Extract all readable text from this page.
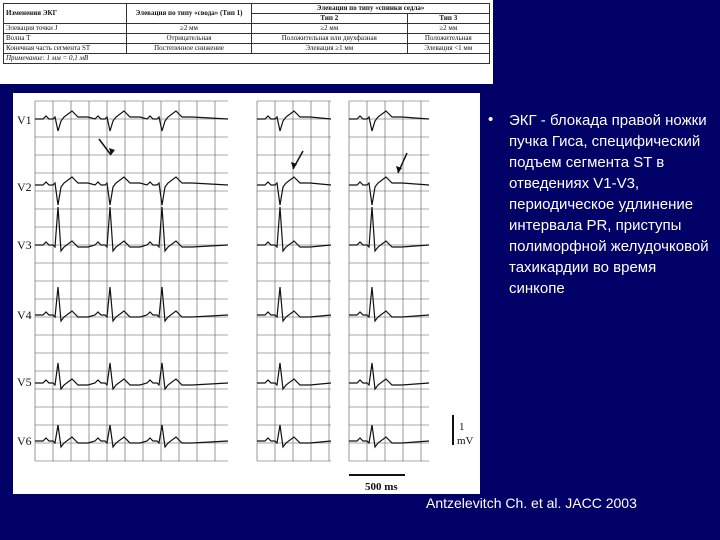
Изменения ЭКГ	Элевация по типу «свода» (Тип 1)	Элевация по типу «спинки седла»	
		Тип 2	Тип 3
Элевация точки J	≥2 мм	≥2 мм	≥2 мм
Волна T	Отрицательная	Положительная или двухфазная	Положительная
Конечная часть сегмента ST	Постепенное снижение	Элевация ≥1 мм	Элевация <1 мм
Примечание: 1 мм = 0,1 мВ			
V1
V2
V3
V4
V5
V6
1
mV
500 ms
• ЭКГ - блокада правой ножки пучка Гиса, специфический подъем сегмента ST в отведениях V1-V3, периодическое удлинение интервала PR, приступы полиморфной желудочковой тахикардии во время синкопе
Antzelevitch Ch. et al. JACC 2003
